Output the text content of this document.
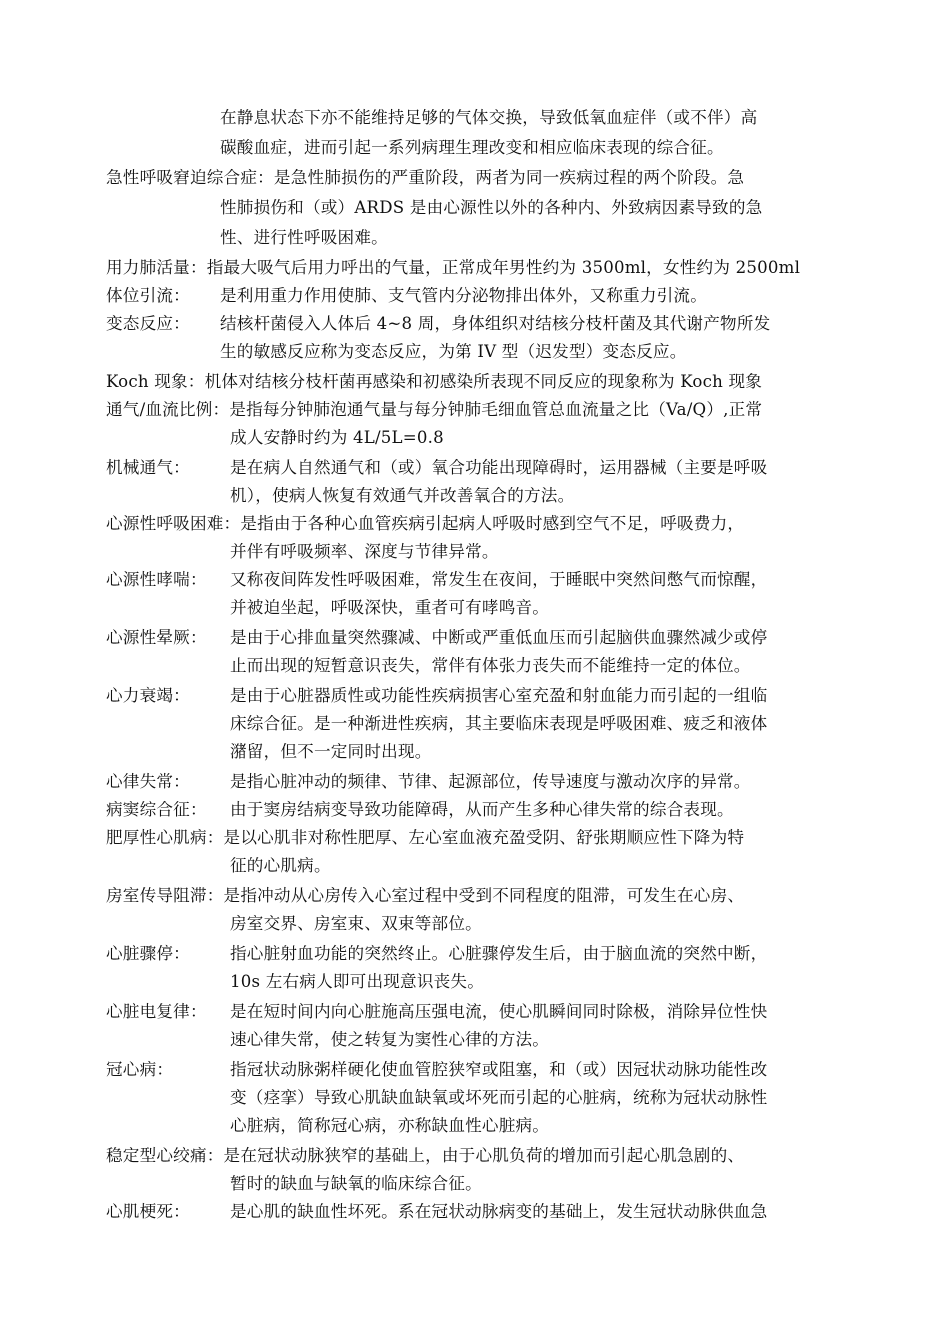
在静息状态下亦不能维持足够的气体交换，导致低氧血症伴（或不伴）高

碳酸血症，进而引起一系列病理生理改变和相应临床表现的综合征。

急性呼吸窘迫综合症：是急性肺损伤的严重阶段，两者为同一疾病过程的两个阶段。急

性肺损伤和（或）ARDS 是由心源性以外的各种内、外致病因素导致的急

性、进行性呼吸困难。

用力肺活量：指最大吸气后用力呼出的气量，正常成年男性约为 3500ml，女性约为 2500ml

体位引流： 是利用重力作用使肺、支气管内分泌物排出体外，又称重力引流。

变态反应： 结核杆菌侵入人体后 4~8 周，身体组织对结核分枝杆菌及其代谢产物所发

生的敏感反应称为变态反应，为第 IV 型（迟发型）变态反应。

Koch 现象：机体对结核分枝杆菌再感染和初感染所表现不同反应的现象称为 Koch 现象

通气/血流比例：是指每分钟肺泡通气量与每分钟肺毛细血管总血流量之比（Va/Q）,正常

成人安静时约为 4L/5L=0.8

机械通气： 是在病人自然通气和（或）氧合功能出现障碍时，运用器械（主要是呼吸

机），使病人恢复有效通气并改善氧合的方法。

心源性呼吸困难：是指由于各种心血管疾病引起病人呼吸时感到空气不足，呼吸费力，

并伴有呼吸频率、深度与节律异常。

心源性哮喘： 又称夜间阵发性呼吸困难，常发生在夜间，于睡眠中突然间憋气而惊醒，

并被迫坐起，呼吸深快，重者可有哮鸣音。

心源性晕厥： 是由于心排血量突然骤减、中断或严重低血压而引起脑供血骤然减少或停

止而出现的短暂意识丧失，常伴有体张力丧失而不能维持一定的体位。

心力衰竭： 是由于心脏器质性或功能性疾病损害心室充盈和射血能力而引起的一组临

床综合征。是一种渐进性疾病，其主要临床表现是呼吸困难、疲乏和液体

潴留，但不一定同时出现。

心律失常： 是指心脏冲动的频律、节律、起源部位，传导速度与激动次序的异常。

病窦综合征： 由于窦房结病变导致功能障碍，从而产生多种心律失常的综合表现。

肥厚性心肌病：是以心肌非对称性肥厚、左心室血液充盈受阴、舒张期顺应性下降为特

征的心肌病。

房室传导阻滞：是指冲动从心房传入心室过程中受到不同程度的阻滞，可发生在心房、

房室交界、房室束、双束等部位。

心脏骤停： 指心脏射血功能的突然终止。心脏骤停发生后，由于脑血流的突然中断，

10s 左右病人即可出现意识丧失。

心脏电复律： 是在短时间内向心脏施高压强电流，使心肌瞬间同时除极，消除异位性快

速心律失常，使之转复为窦性心律的方法。

冠心病：	指冠状动脉粥样硬化使血管腔狭窄或阻塞，和（或）因冠状动脉功能性改

变（痉挛）导致心肌缺血缺氧或坏死而引起的心脏病，统称为冠状动脉性

心脏病，简称冠心病，亦称缺血性心脏病。

稳定型心绞痛：是在冠状动脉狭窄的基础上，由于心肌负荷的增加而引起心肌急剧的、

暂时的缺血与缺氧的临床综合征。

心肌梗死： 是心肌的缺血性坏死。系在冠状动脉病变的基础上，发生冠状动脉供血急
